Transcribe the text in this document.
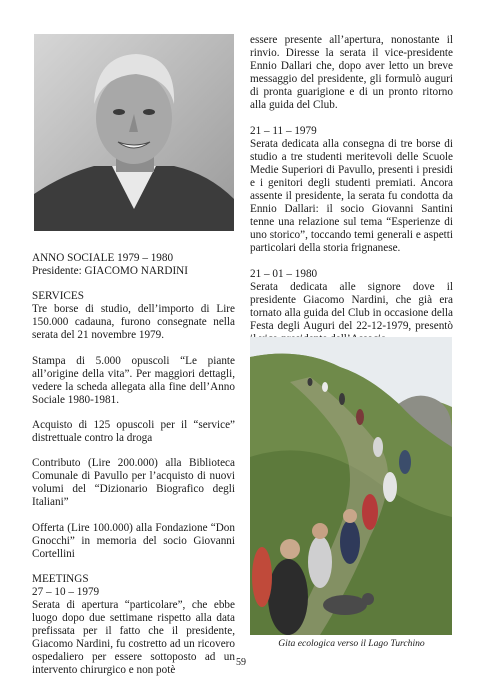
ANNO SOCIALE 1979 – 1980
Presidente: GIACOMO NARDINI
SERVICES
Tre borse di studio, dell’importo di Lire 150.000 cadauna, furono consegnate nella serata del 21 novembre 1979.
Stampa di 5.000 opuscoli “Le piante all’origine della vita”. Per maggiori dettagli, vedere la scheda allegata alla fine dell’Anno Sociale 1980-1981.
Acquisto di 125 opuscoli per il “service” distrettuale contro la droga
Contributo (Lire 200.000) alla Biblioteca Comunale di Pavullo per l’acquisto di nuovi volumi del “Dizionario Biografico degli Italiani”
Offerta (Lire 100.000) alla Fondazione “Don Gnocchi” in memoria del socio Giovanni Cortellini
MEETINGS
27 – 10 – 1979
Serata di apertura “particolare”, che ebbe luogo dopo due settimane rispetto alla data prefissata per il fatto che il presidente, Giacomo Nardini, fu costretto ad un ricovero ospedaliero per essere sottoposto ad un intervento chirurgico e non potè
essere presente all’apertura, nonostante il rinvio. Diresse la serata il vice-presidente Ennio Dallari che, dopo aver letto un breve messaggio del presidente, gli formulò auguri di pronta guarigione e di un pronto ritorno alla guida del Club.
21 – 11 – 1979
Serata dedicata alla consegna di tre borse di studio a tre studenti meritevoli delle Scuole Medie Superiori di Pavullo, presenti i presidi e i genitori degli studenti premiati. Ancora assente il presidente, la serata fu condotta da Ennio Dallari: il socio Giovanni Santini tenne una relazione sul tema “Esperienze di uno storico”, toccando temi generali e aspetti particolari della storia frignanese.
21 – 01 – 1980
Serata dedicata alle signore dove il presidente Giacomo Nardini, che già era tornato alla guida del Club in occasione della Festa degli Auguri del 22-12-1979, presentò
Gita ecologica verso il Lago Turchino
59
